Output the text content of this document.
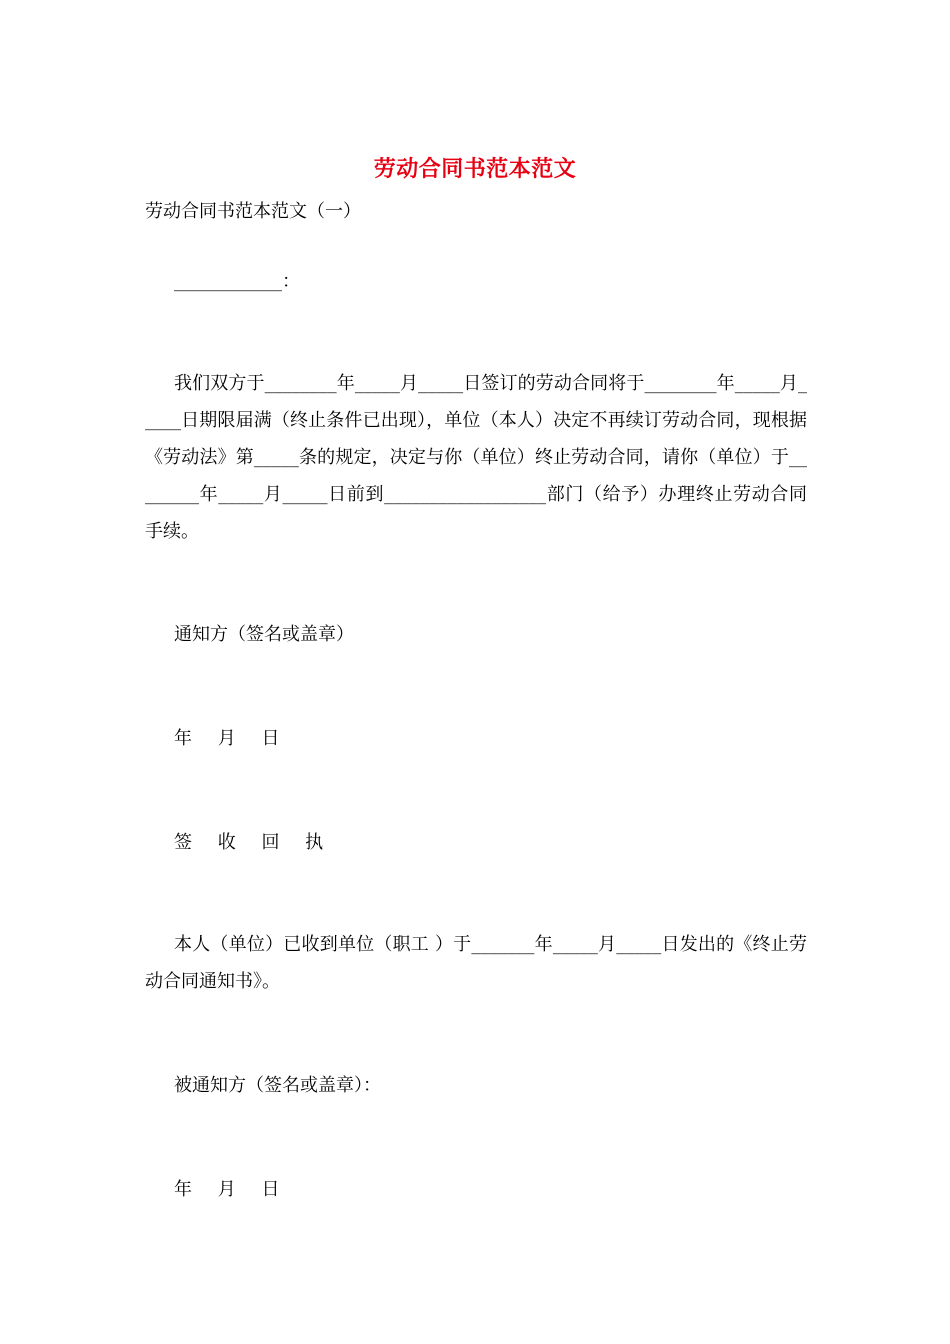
劳动合同书范本范文
劳动合同书范本范文（一）
____________：
我们双方于________年_____月_____日签订的劳动合同将于________年_____月_____日期限届满（终止条件已出现），单位（本人）决定不再续订劳动合同，现根据《劳动法》第_____条的规定，决定与你（单位）终止劳动合同，请你（单位）于________年_____月_____日前到__________________部门（给予）办理终止劳动合同手续。
通知方（签名或盖章）
年 月 日
签 收 回 执
本人（单位）已收到单位（职工 ）于_______年_____月_____日发出的《终止劳动合同通知书》。
被通知方（签名或盖章）：
年 月 日
